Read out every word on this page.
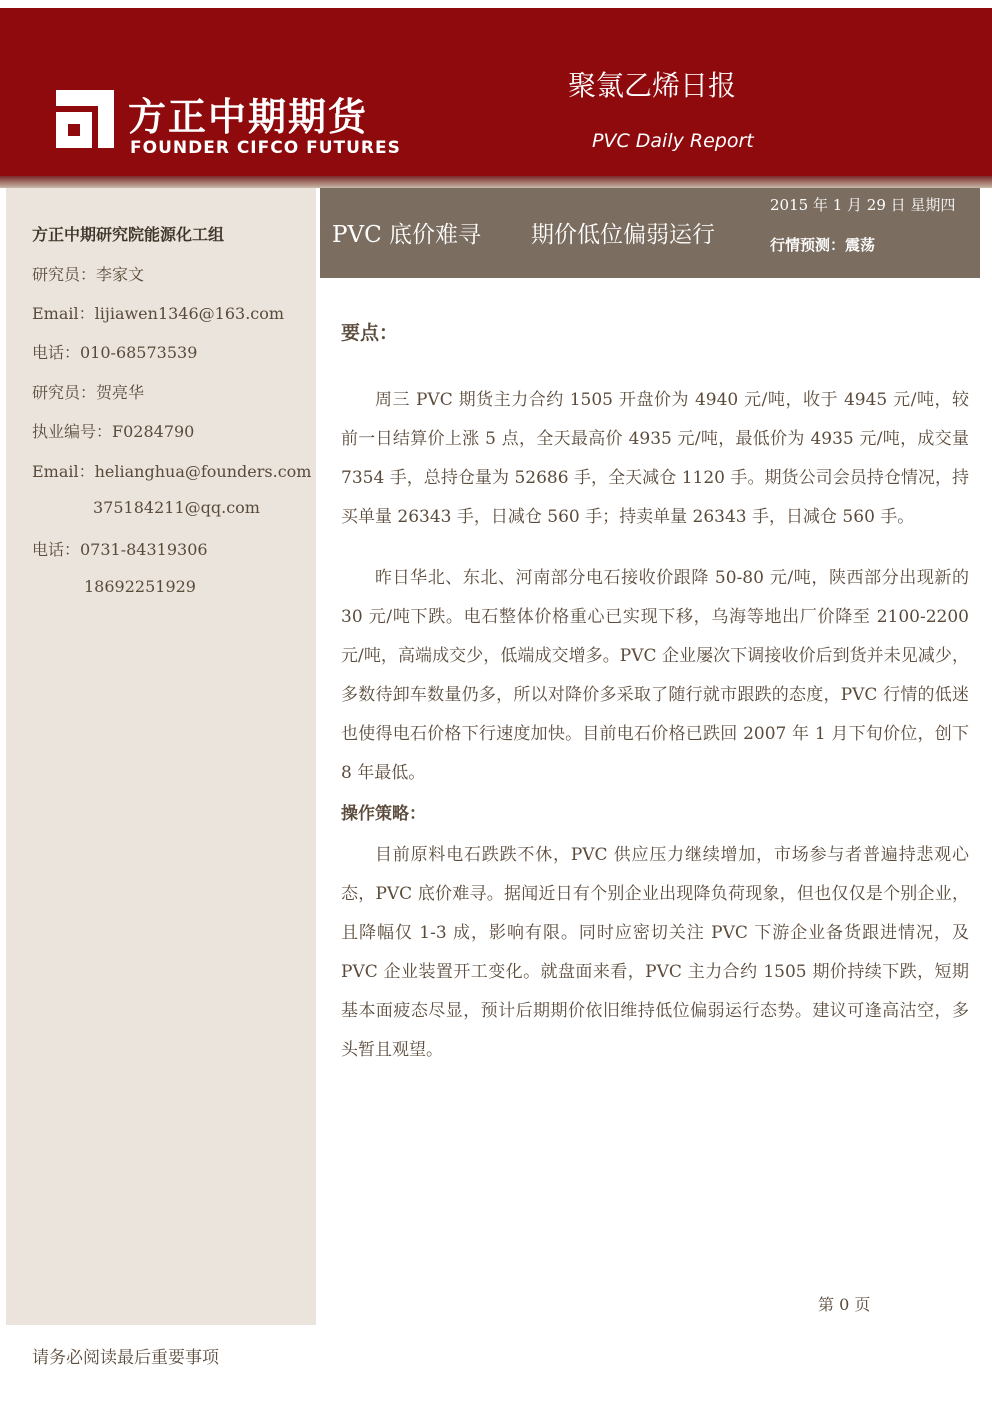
方正中期期货
FOUNDER CIFCO FUTURES
聚氯乙烯日报
PVC Daily Report
方正中期研究院能源化工组
研究员：李家文
Email：lijiawen1346@163.com
电话：010-68573539
研究员：贺亮华
执业编号：F0284790
Email：helianghua@founders.com
375184211@qq.com
电话：0731-84319306
18692251929
PVC 底价难寻 期价低位偏弱运行
2015 年 1 月 29 日 星期四
行情预测：震荡
要点：

周三 PVC 期货主力合约 1505 开盘价为 4940 元/吨，收于 4945 元/吨，较前一日结算价上涨 5 点，全天最高价 4935 元/吨，最低价为 4935 元/吨，成交量 7354 手，总持仓量为 52686 手，全天减仓 1120 手。期货公司会员持仓情况，持买单量 26343 手，日减仓 560 手；持卖单量 26343 手，日减仓 560 手。

昨日华北、东北、河南部分电石接收价跟降 50-80 元/吨，陕西部分出现新的 30 元/吨下跌。电石整体价格重心已实现下移，乌海等地出厂价降至 2100-2200 元/吨，高端成交少，低端成交增多。PVC 企业屡次下调接收价后到货并未见减少，多数待卸车数量仍多，所以对降价多采取了随行就市跟跌的态度，PVC 行情的低迷也使得电石价格下行速度加快。目前电石价格已跌回 2007 年 1 月下旬价位，创下 8 年最低。

操作策略：

目前原料电石跌跌不休，PVC 供应压力继续增加，市场参与者普遍持悲观心态，PVC 底价难寻。据闻近日有个别企业出现降负荷现象，但也仅仅是个别企业，且降幅仅 1-3 成，影响有限。同时应密切关注 PVC 下游企业备货跟进情况，及 PVC 企业装置开工变化。就盘面来看，PVC 主力合约 1505 期价持续下跌，短期基本面疲态尽显，预计后期期价依旧维持低位偏弱运行态势。建议可逢高沽空，多头暂且观望。

第 0 页
请务必阅读最后重要事项
